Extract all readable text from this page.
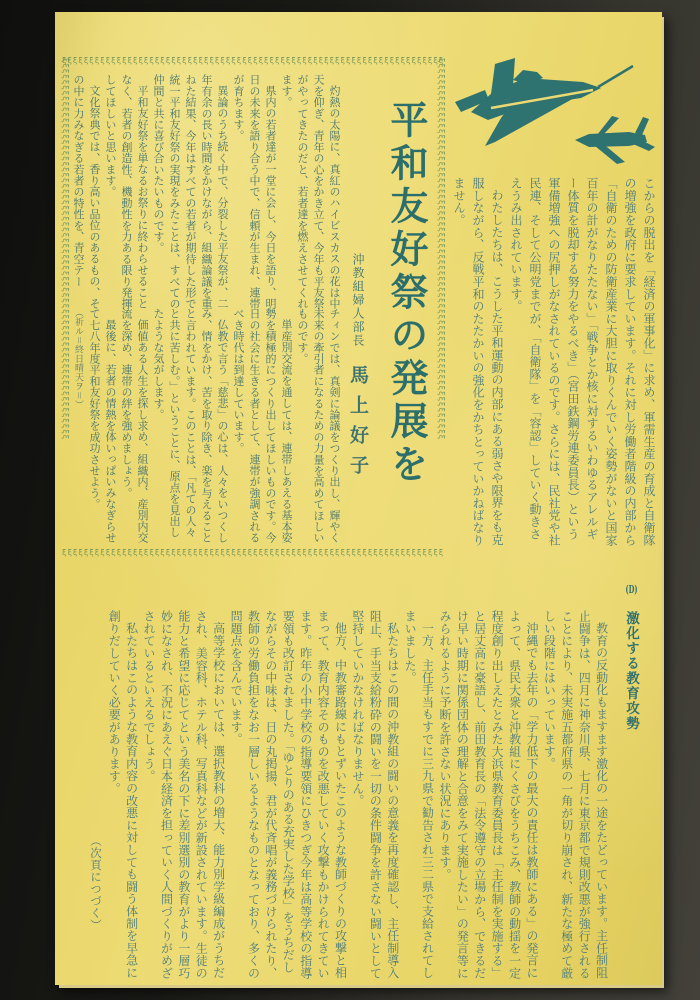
ξξξξξξξξξξξξξξξξξξξξξξξξξξξξξξξξξξξξξξξξξξξξξξξξξξξξξξξξξξξξξξξξξξξξξξ
ξξξξξξξξξξξξξξξξξξξξξξξξξξξξξξξξξξξξξξξξξξξξξξξξξξξξξξξξξξξξξξξξξξξξξξ
ξξξξξξξξξξξξξξξξξξξξξξξξξξξξξξξξξξξξξξξξξξξξξξξξξξξξξξξξξξξξξξξξξξξξξξ	ξξξξξξξξξξξξξξξξξξξξξξξξξξξξξξξξξξξξξξξξξξξξξξξξξξξξξξξξξξξξξξξξξξξξξξ
平和友好祭の発展を
沖教組婦人部長 馬上好子

灼熱の太陽に、真紅のハイビスカスの花は中天を仰ぎ、青年の心をかき立て、今年も平友祭がやってきたのだと、若者達を燃えさせてくれます。

県内の若者達が一堂に会し、今日を語り、明日の未来を語り合う中で、信頼が生まれ、連帯が育ちます。

異論のうち続く中で、分裂した平友祭が、二年有余の長い時間をかけながら、組織論議を重ねた結果、今年はすべての若者が期待した形で統一平和友好祭の実現をみたことは、すべての仲間と共に喜び合いたいものです。

平和友好祭を単なるお祭りに終わらせることなく、若者の創造性、機動性を力ある限り発揮してほしいと思います。

文化祭典では、香り高い品位のあるもの、その中に力みなぎる若者の特性を、青空テー

チィンでは、真剣に論議をつくり出し、輝やく未来の牽引者になるための力量を高めてほしいものです。

単産別交流を通しては、連帯しあえる基本姿勢を積極的につくり出してほしいものです。今日の社会に生きる者として、連帯が強調されるべき時代は到達しています。

仏教で言う「慈悲」の心は、人々をいつくしみ、情をかけ、苦を取り除き、楽を与えることと言われています。このことは、「凡ての人々と共に苦しむ。」ということに、原点を見出したような気がします。

価値ある人生を探し求め、組織内、産別内交流を深め、連帯の絆を強めましょう。

最後に、若者の情熱を体いっぱいみなぎらせて七八年度平和友好祭を成功させよう。

（祈ル＝終日晴天ヲ＝）	こからの脱出を「経済の軍事化」に求め、軍需生産の育成と自衛隊の増強を政府に要求しています。それに対し労働者階級の内部から「自衛のための防衛産業に大胆に取りくんでいく姿勢がないと国家百年の計がなりたたない」「戦争とか核に対するいわゆるアレルギー体質を脱却する努力をやるべき」（宮田鉄鋼労連委員長）という軍備増強への尻押しがなされているのです。さらには、民社党や社民連、そして公明党までが、「自衛隊」を「容認」していく動きさえうみ出されています。

わたしたちは、こうした平和運動の内部にある弱さや限界をも克服しながら、反戦平和のたたかいの強化をかちとっていかねばなりません。

(D) 激化する教育攻勢

教育の反動化もますます激化の一途をたどっています。主任制阻止闘争は、四月に神奈川県、七月に東京都で規則改悪が強行されることにより、未実施五都府県の一角が切り崩され、新たな極めて厳しい段階にはいっています。

沖縄でも去年の「学力低下の最大の責任は教師にある」の発言によって、県民大衆と沖教組にくさびをうちこみ、教師の動揺を一定程度創り出しえたとみた大浜県教育委員長は「主任制を実施する」と居丈高に豪語し、前田教育長の「法令遵守の立場から、できるだけ早い時期に関係団体の理解と合意をみて実施したい」の発言等にみられるように予断を許さない状況にあります。

一方、主任手当もすでに三九県で勧告され三二県で支給されてしまいました。

私たちはこの間の沖教組の闘いの意義を再度確認し、主任制導入阻止、手当支給粉砕の闘いを一切の条件闘争を許さない闘いとして堅持していかなければなりません。

他方、中教審路線にもとずいたこのような教師づくりの攻撃と相まって、教育内容そのものを改悪していく攻撃もかけられてきています。昨年の小中学校の指導要領にひきつぎ今年は高等学校の指導要領も改訂されました。「ゆとりのある充実した学校」をうちだしながらその中味は、日の丸掲揚、君が代斉唱が義務づけられたり、教師の労働負担をなお一層しいるようなものとなっており、多くの問題点を含んでいます。

高等学校においては、選択教科の増大、能力別学級編成がうちだされ、美容科、ホテル科、写真科などが新設されています。生徒の能力と希望に応じてという美名の下に差別選別の教育がより一層巧妙になされ、不況にあえぐ日本経済を担っていく人間づくりがめざされているといえるでしょう。

私たちはこのような教育内容の改悪に対しても闘う体制を早急に創りだしていく必要があります。

（次頁につづく）
